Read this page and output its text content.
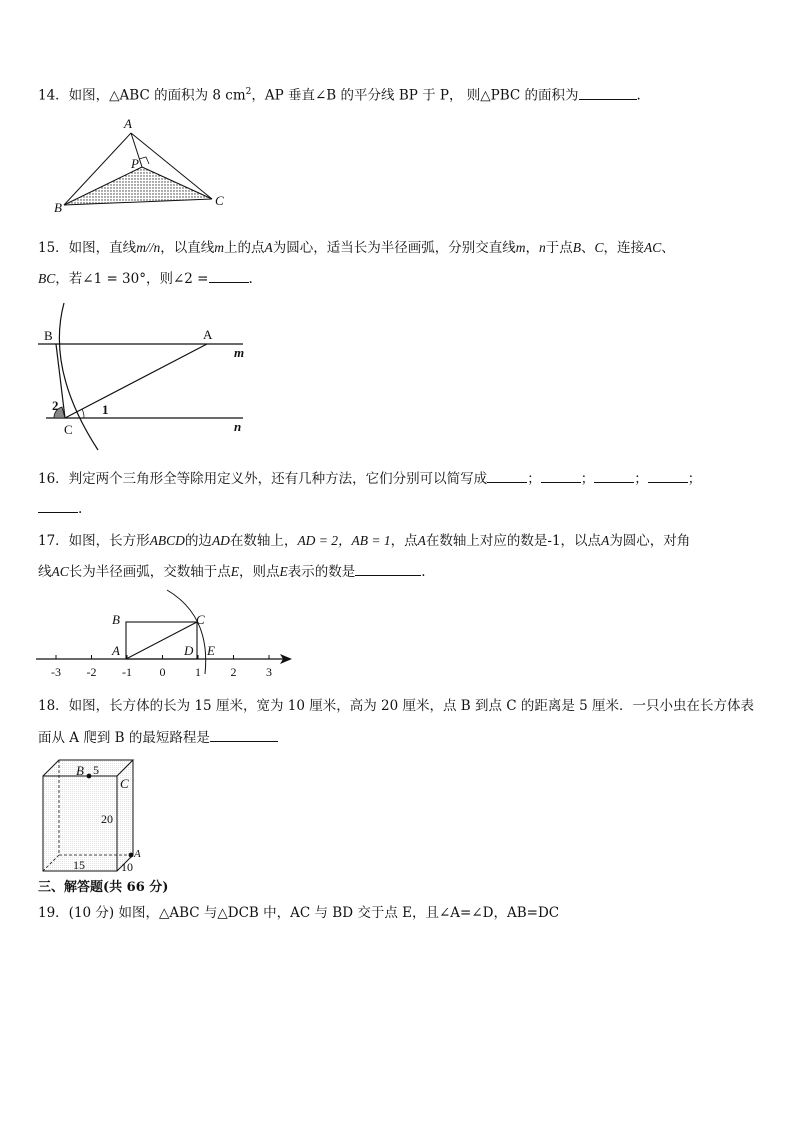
14．如图，△ABC 的面积为 8 $cm^2$，AP 垂直∠B 的平分线 BP 于 P， 则△PBC 的面积为	.
A
P
B	C
15．如图，直线m//n，以直线m上的点A为圆心，适当长为半径画弧，分别交直线m，n于点B、C，连接AC、
BC，若∠1 = 30°，则∠2 =	.
B	A
m
n
C
1
2
16．判定两个三角形全等除用定义外，还有几种方法，它们分别可以简写成	；	；	；	；
.
17．如图，长方形ABCD的边AD在数轴上，AD = 2，AB = 1，点A在数轴上对应的数是-1，以点A为圆心，对角
线AC长为半径画弧，交数轴于点E，则点E表示的数是	.
-3 -2 -1 0 1 2 3
B	C
A	D E
18．如图，长方体的长为 15 厘米，宽为 10 厘米，高为 20 厘米，点 B 到点 C 的距离是 5 厘米．一只小虫在长方体表
面从 A 爬到 B 的最短路程是
B 5
C
20
A
15	10
三、解答题(共 66 分)
19．(10 分) 如图，△ABC 与△DCB 中，AC 与 BD 交于点 E，且∠A=∠D，AB=DC
